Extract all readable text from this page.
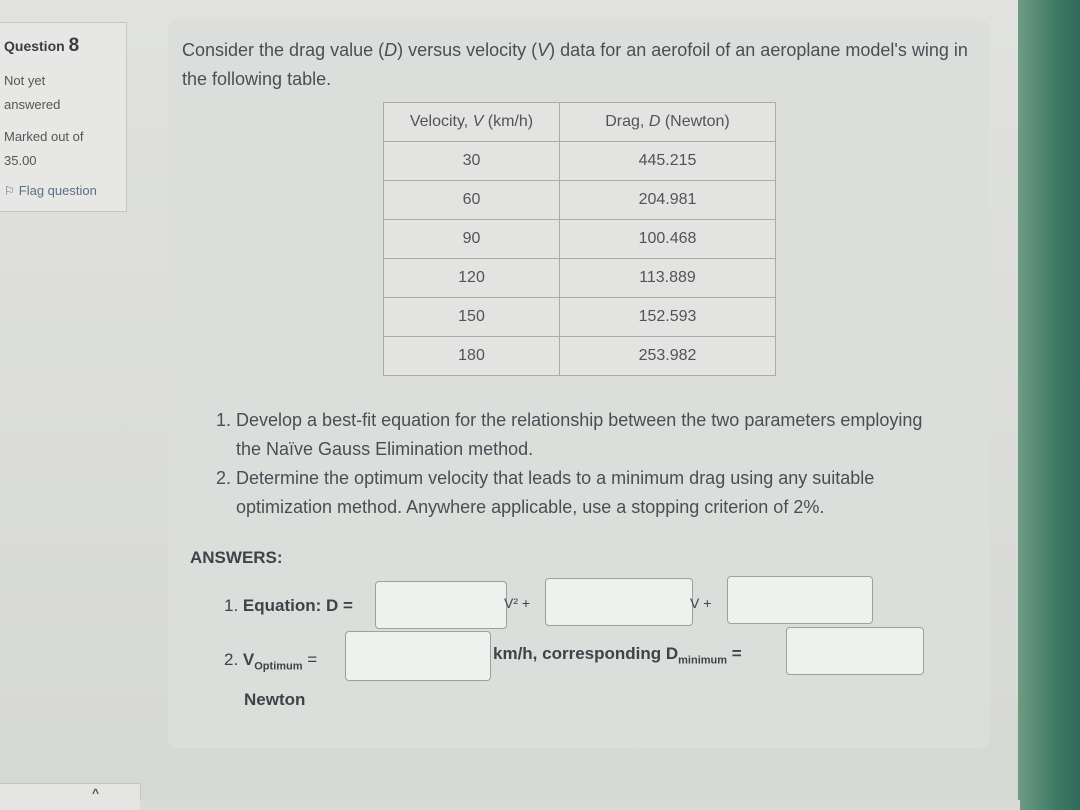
Question 8
Not yet
answered
Marked out of
35.00
⚐ Flag question
Consider the drag value (D) versus velocity (V) data for an aerofoil of an aeroplane model's wing in the following table.
Velocity, V (km/h)	Drag, D (Newton)
30	445.215
60	204.981
90	100.468
120	113.889
150	152.593
180	253.982
1. Develop a best-fit equation for the relationship between the two parameters employing the Naïve Gauss Elimination method.
2. Determine the optimum velocity that leads to a minimum drag using any suitable optimization method. Anywhere applicable, use a stopping criterion of 2%.
ANSWERS:
1. Equation: D =	V² +	V +
2. $V_{Optimum}$ =	km/h, corresponding $D_{minimum}$ =
Newton
^
